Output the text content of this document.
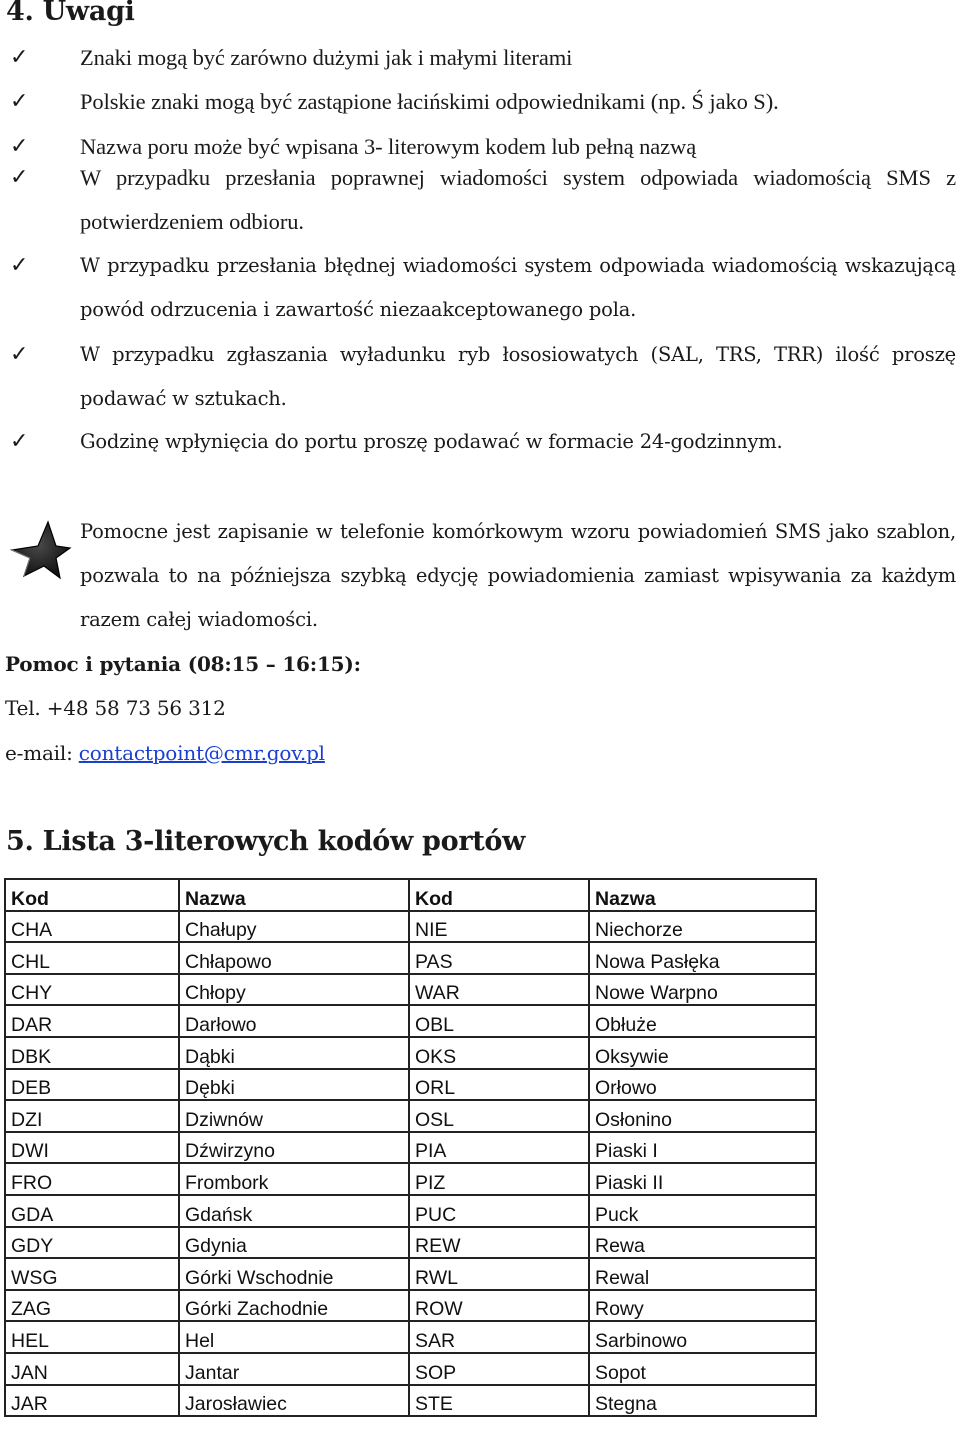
4. Uwagi
✓	Znaki mogą być zarówno dużymi jak i małymi literami
✓	Polskie znaki mogą być zastąpione łacińskimi odpowiednikami (np. Ś jako S).
✓	Nazwa poru może być wpisana 3- literowym kodem lub pełną nazwą
✓	W przypadku przesłania poprawnej wiadomości system odpowiada wiadomością SMS z potwierdzeniem odbioru.
✓	W przypadku przesłania błędnej wiadomości system odpowiada wiadomością wskazującą powód odrzucenia i zawartość niezaakceptowanego pola.
✓	W przypadku zgłaszania wyładunku ryb łososiowatych (SAL, TRS, TRR) ilość proszę podawać w sztukach.
✓	Godzinę wpłynięcia do portu proszę podawać w formacie 24-godzinnym.
Pomocne jest zapisanie w telefonie komórkowym wzoru powiadomień SMS jako szablon, pozwala to na późniejsza szybką edycję powiadomienia zamiast wpisywania za każdym razem całej wiadomości.
Pomoc i pytania (08:15 – 16:15):
Tel. +48 58 73 56 312
e-mail: contactpoint@cmr.gov.pl
5. Lista 3-literowych kodów portów
Kod	Nazwa	Kod	Nazwa
CHA	Chałupy	NIE	Niechorze
CHL	Chłapowo	PAS	Nowa Pasłęka
CHY	Chłopy	WAR	Nowe Warpno
DAR	Darłowo	OBL	Obłuże
DBK	Dąbki	OKS	Oksywie
DEB	Dębki	ORL	Orłowo
DZI	Dziwnów	OSL	Osłonino
DWI	Dźwirzyno	PIA	Piaski I
FRO	Frombork	PIZ	Piaski II
GDA	Gdańsk	PUC	Puck
GDY	Gdynia	REW	Rewa
WSG	Górki Wschodnie	RWL	Rewal
ZAG	Górki Zachodnie	ROW	Rowy
HEL	Hel	SAR	Sarbinowo
JAN	Jantar	SOP	Sopot
JAR	Jarosławiec	STE	Stegna
